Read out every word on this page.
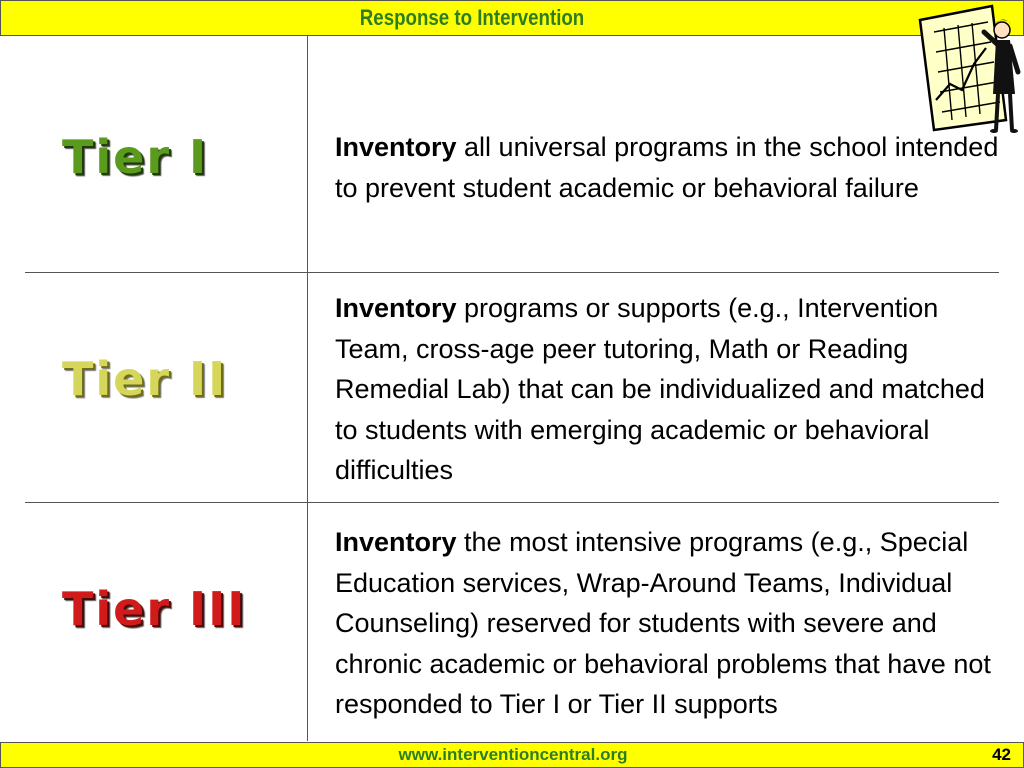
Response to Intervention
Tier I
Tier II
Tier III
Inventory all universal programs in the school intended to prevent student academic or behavioral failure
Inventory programs or supports (e.g., Intervention Team, cross-age peer tutoring, Math or Reading Remedial Lab) that can be individualized and matched to students with emerging academic or behavioral difficulties
Inventory the most intensive programs (e.g., Special Education services, Wrap-Around Teams, Individual Counseling) reserved for students with severe and chronic academic or behavioral problems that have not responded to Tier I or Tier II supports
www.interventioncentral.org	42
